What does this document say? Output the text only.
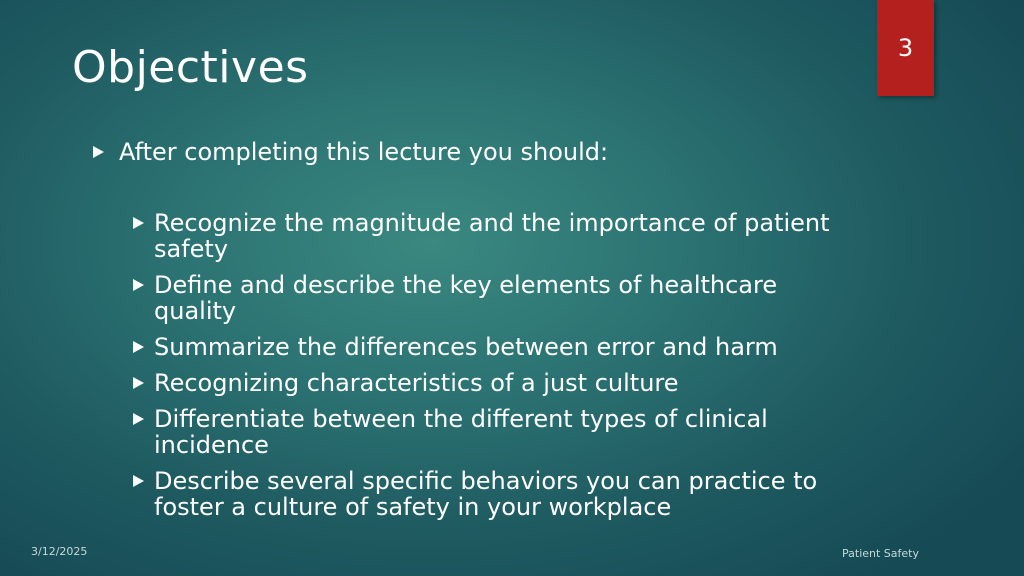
Objectives	3
After completing this lecture you should:
Recognize the magnitude and the importance of patient safety
Define and describe the key elements of healthcare quality
Summarize the differences between error and harm
Recognizing characteristics of a just culture
Differentiate between the different types of clinical incidence
Describe several specific behaviors you can practice to foster a culture of safety in your workplace
3/12/2025	Patient Safety
